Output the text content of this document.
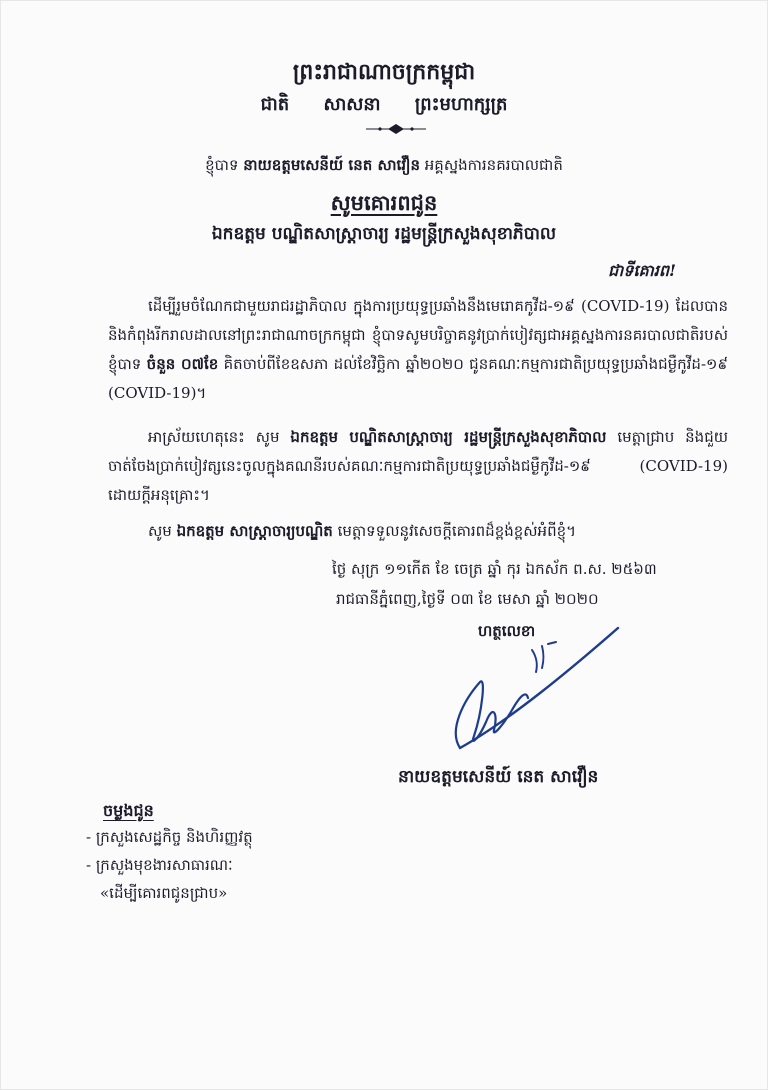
ព្រះរាជាណាចក្រកម្ពុជា
ជាតិ សាសនា ព្រះមហាក្សត្រ
ខ្ញុំបាទ នាយឧត្តមសេនីយ៍ នេត សាវឿន អគ្គស្នងការនគរបាលជាតិ
សូមគោរពជូន
ឯកឧត្តម បណ្ឌិតសាស្ត្រាចារ្យ រដ្ឋមន្ត្រីក្រសួងសុខាភិបាល
ជាទីគោរព!
ដើម្បីរួមចំណែកជាមួយរាជរដ្ឋាភិបាល ក្នុងការប្រយុទ្ធប្រឆាំងនឹងមេរោគកូវីដ-១៩ (COVID-19) ដែលបាននិងកំពុងរីករាលដាលនៅព្រះរាជាណាចក្រកម្ពុជា ខ្ញុំបាទសូមបរិច្ចាគនូវប្រាក់បៀវត្សជាអគ្គស្នងការនគរបាលជាតិរបស់ខ្ញុំបាទ ចំនួន ០៧ខែ គិតចាប់ពីខែឧសភា ដល់ខែវិច្ឆិកា ឆ្នាំ២០២០ ជូនគណៈកម្មការជាតិប្រយុទ្ធប្រឆាំងជម្ងឺកូវីដ-១៩ (COVID-19)។
អាស្រ័យហេតុនេះ សូម ឯកឧត្តម បណ្ឌិតសាស្ត្រាចារ្យ រដ្ឋមន្ត្រីក្រសួងសុខាភិបាល មេត្តាជ្រាប និងជួយចាត់ចែងប្រាក់បៀវត្សនេះចូលក្នុងគណនីរបស់គណៈកម្មការជាតិប្រយុទ្ធប្រឆាំងជម្ងឺកូវីដ-១៩ (COVID-19) ដោយក្តីអនុគ្រោះ។
សូម ឯកឧត្តម សាស្ត្រាចារ្យបណ្ឌិត មេត្តាទទួលនូវសេចក្តីគោរពដ៏ខ្ពង់ខ្ពស់អំពីខ្ញុំ។
ថ្ងៃ សុក្រ ១១កើត ខែ ចេត្រ ឆ្នាំ កុរ ឯកស័ក ព.ស. ២៥៦៣
រាជធានីភ្នំពេញ,ថ្ងៃទី ០៣ ខែ មេសា ឆ្នាំ ២០២០
ហត្ថលេខា
នាយឧត្តមសេនីយ៍ នេត សាវឿន
ចម្លងជូន
- ក្រសួងសេដ្ឋកិច្ច និងហិរញ្ញវត្ថុ
- ក្រសួងមុខងារសាធារណៈ
«ដើម្បីគោរពជូនជ្រាប»
